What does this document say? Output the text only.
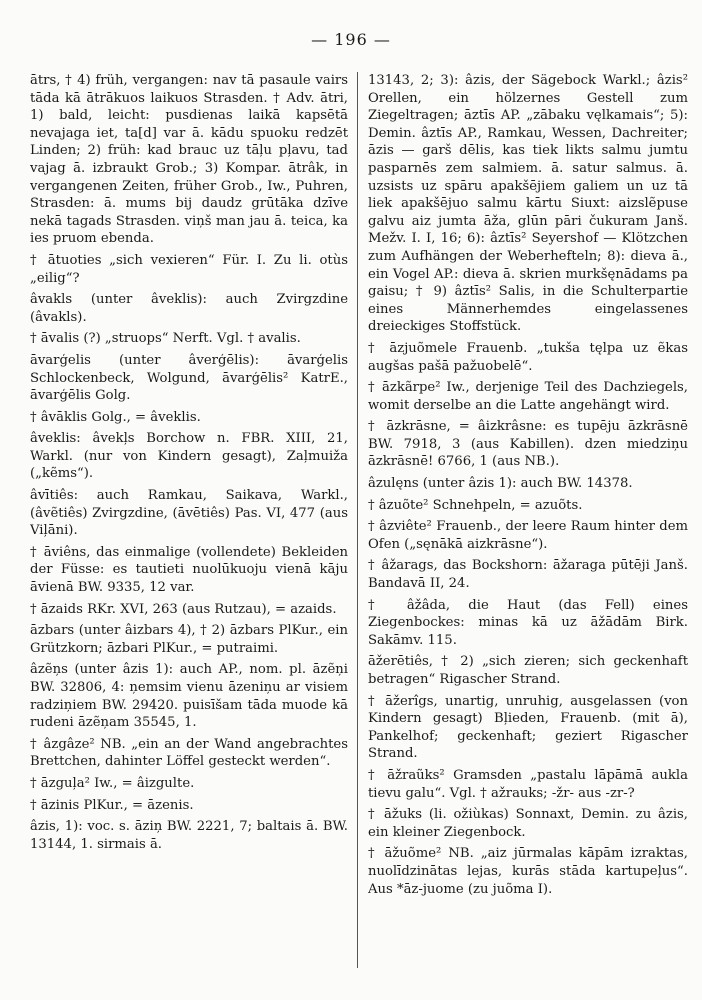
— 196 —

ātrs, † 4) früh, vergangen: nav tā pasaule vairs tāda kā ātrākuos laikuos Strasden. † Adv. ātri, 1) bald, leicht: pusdienas laikā kapsētā nevajaga iet, ta[d] var ā. kādu spuoku redzēt Linden; 2) früh: kad brauc uz tāļu pļavu, tad vajag ā. izbraukt Grob.; 3) Kompar. ātrâk, in vergangenen Zeiten, früher Grob., Iw., Puhren, Strasden: ā. mums bij daudz grūtāka dzīve nekā tagads Strasden. viņš man jau ā. teica, ka ies pruom ebenda.

† ātuoties „sich vexieren“ Für. I. Zu li. otùs „eilig“?

âvakls (unter âveklis): auch Zvirgzdine (âvakls).

† āvalis (?) „struops“ Nerft. Vgl. † avalis.

āvarģelis (unter âverģēlis): āvarģelis Schlockenbeck, Wolgund, āvarģēlis² KatrE., āvarģēlis Golg.

† âvāklis Golg., = âveklis.

âveklis: âvekļs Borchow n. FBR. XIII, 21, Warkl. (nur von Kindern gesagt), Zaļmuiža („kẽms“).

âvītiês: auch Ramkau, Saikava, Warkl., (âvẽtiês) Zvirgzdine, (āvētiês) Pas. VI, 477 (aus Viļāni).

† āviêns, das einmalige (vollendete) Bekleiden der Füsse: es tautieti nuolūkuoju vienā kāju āvienā BW. 9335, 12 var.

† āzaids RKr. XVI, 263 (aus Rutzau), = azaids.

āzbars (unter âizbars 4), † 2) āzbars PlKur., ein Grützkorn; āzbari PlKur., = putraimi.

âzẽņs (unter âzis 1): auch AP., nom. pl. āzẽņi BW. 32806, 4: ņemsim vienu āzeniņu ar visiem radziņiem BW. 29420. puisīšam tāda muode kā rudeni āzẽņam 35545, 1.

† âzgâze² NB. „ein an der Wand angebrachtes Brettchen, dahinter Löffel gesteckt werden“.

† āzguļa² Iw., = âizgulte.

† āzinis PlKur., = āzenis.

âzis, 1): voc. s. āziņ BW. 2221, 7; baltais ā. BW. 13144, 1. sirmais ā.

13143, 2; 3): âzis, der Sägebock Warkl.; âzis² Orellen, ein hölzernes Gestell zum Ziegeltragen; āztīs AP. „zābaku vęlkamais“; 5): Demin. âztīs AP., Ramkau, Wessen, Dachreiter; āzis — garš dēlis, kas tiek likts salmu jumtu pasparnēs zem salmiem. ā. satur salmus. ā. uzsists uz spāru apakšējiem galiem un uz tā liek apakšējuo salmu kārtu Siuxt: aizslẽpuse galvu aiz jumta āža, glūn pāri čukuram Janš. Mežv. I. I, 16; 6): âztīs² Seyershof — Klötzchen zum Aufhängen der Weberhefteln; 8): dieva ā., ein Vogel AP.: dieva ā. skrien murkšęnādams pa gaisu; † 9) âztīs² Salis, in die Schulterpartie eines Männerhemdes eingelassenes dreieckiges Stoffstück.

† āzjuõmele Frauenb. „tukša tęlpa uz ẽkas augšas pašā pažuobelē“.

† āzkãrpe² Iw., derjenige Teil des Dachziegels, womit derselbe an die Latte angehängt wird.

† āzkrāsne, = âizkrâsne: es tupēju āzkrāsnē BW. 7918, 3 (aus Kabillen). dzen miedziņu āzkrāsnē! 6766, 1 (aus NB.).

âzulęns (unter âzis 1): auch BW. 14378.

† âzuõte² Schnehpeln, = azuõts.

† âzviête² Frauenb., der leere Raum hinter dem Ofen („sęnākā aizkrāsne“).

† âžarags, das Bockshorn: āžaraga pūtēji Janš. Bandavā II, 24.

† âžâda, die Haut (das Fell) eines Ziegenbockes: minas kā uz āžādām Birk. Sakāmv. 115.

āžerētiês, † 2) „sich zieren; sich geckenhaft betragen“ Rigascher Strand.

† āžerîgs, unartig, unruhig, ausgelassen (von Kindern gesagt) Bļieden, Frauenb. (mit ā), Pankelhof; geckenhaft; geziert Rigascher Strand.

† āžraũks² Gramsden „pastalu lāpāmā aukla tievu galu“. Vgl. † ažrauks; -žr- aus -zr-?

† āžuks (li. ožiùkas) Sonnaxt, Demin. zu âzis, ein kleiner Ziegenbock.

† āžuõme² NB. „aiz jūrmalas kāpām izraktas, nuolīdzinātas lejas, kurās stāda kartupeļus“. Aus *āz-juome (zu juõma I).
